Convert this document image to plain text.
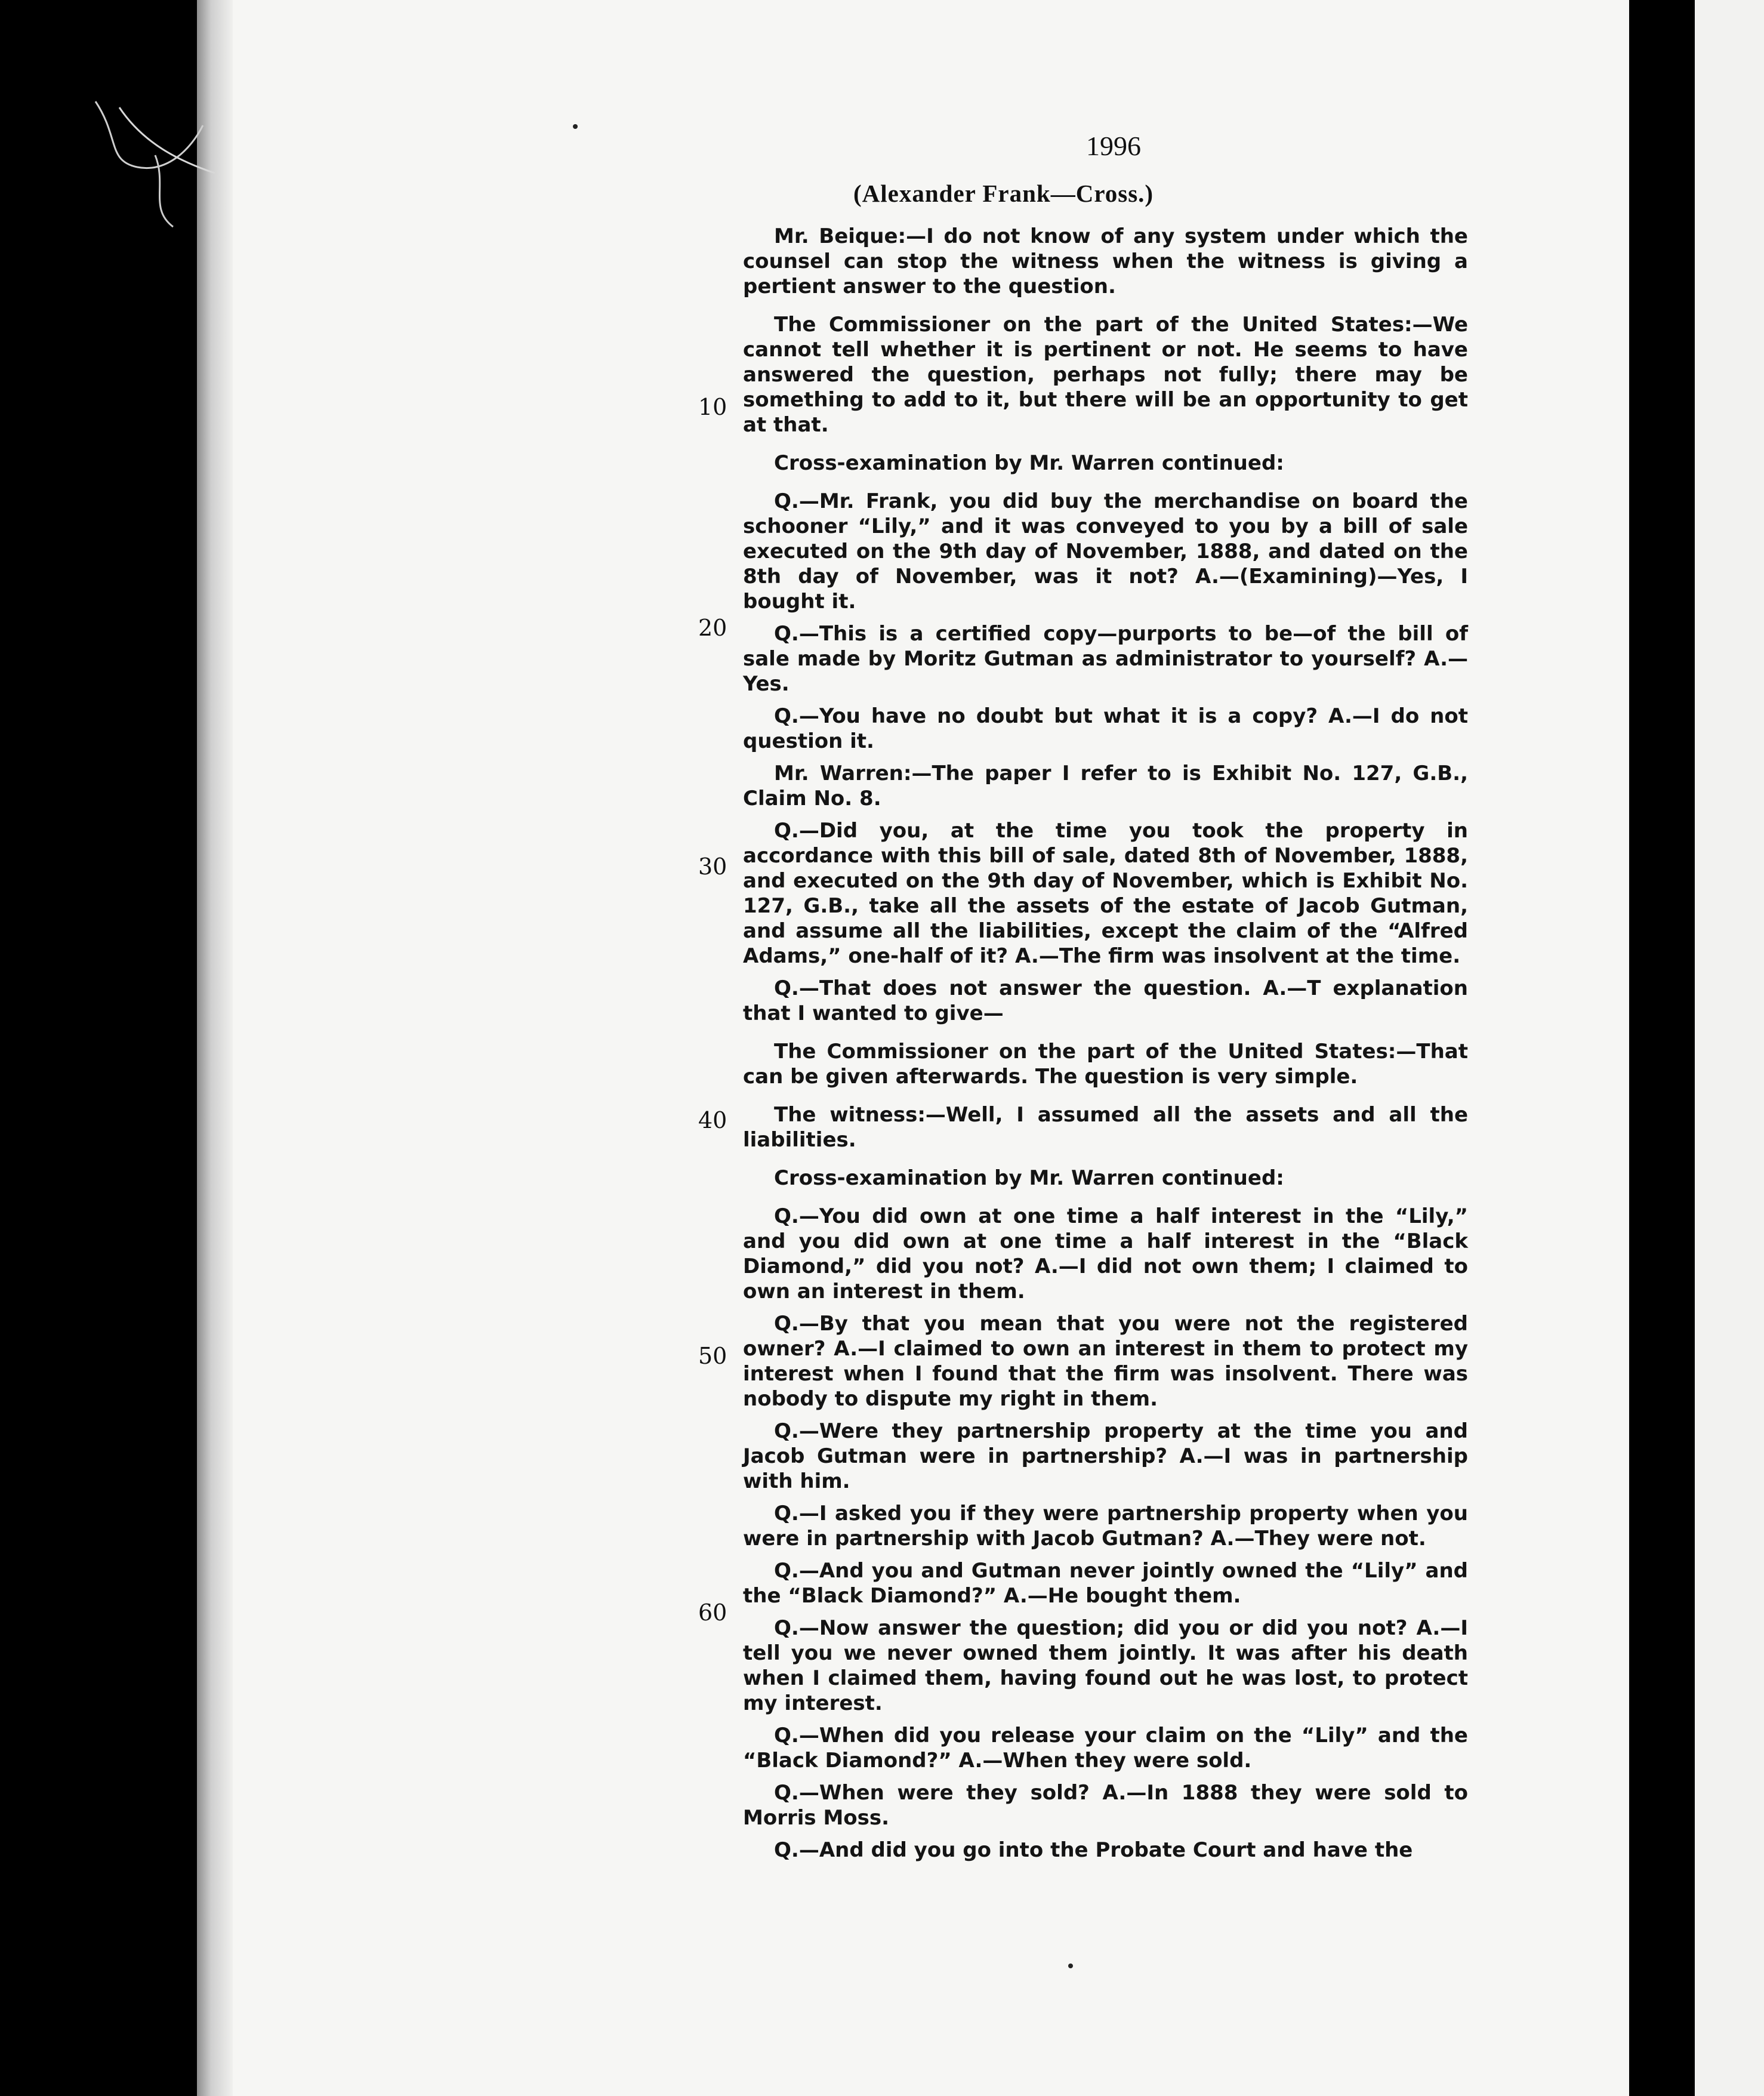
1996
(Alexander Frank—Cross.)
10
20
30
40
50
60

Mr. Beique:—I do not know of any system under which the counsel can stop the witness when the witness is giving a pertient answer to the question.

The Commissioner on the part of the United States:—We cannot tell whether it is pertinent or not. He seems to have answered the question, perhaps not fully; there may be something to add to it, but there will be an opportunity to get at that.

Cross-examination by Mr. Warren continued:

Q.—Mr. Frank, you did buy the merchandise on board the schooner “Lily,” and it was conveyed to you by a bill of sale executed on the 9th day of November, 1888, and dated on the 8th day of November, was it not? A.—(Examining)—Yes, I bought it.

Q.—This is a certified copy—purports to be—of the bill of sale made by Moritz Gutman as administrator to yourself? A.—Yes.

Q.—You have no doubt but what it is a copy? A.—I do not question it.

Mr. Warren:—The paper I refer to is Exhibit No. 127, G.B., Claim No. 8.

Q.—Did you, at the time you took the property in accordance with this bill of sale, dated 8th of November, 1888, and executed on the 9th day of November, which is Exhibit No. 127, G.B., take all the assets of the estate of Jacob Gutman, and assume all the liabilities, except the claim of the “Alfred Adams,” one-half of it? A.—The firm was insolvent at the time.

Q.—That does not answer the question. A.—T explanation that I wanted to give—

The Commissioner on the part of the United States:—That can be given afterwards. The question is very simple.

The witness:—Well, I assumed all the assets and all the liabilities.

Cross-examination by Mr. Warren continued:

Q.—You did own at one time a half interest in the “Lily,” and you did own at one time a half interest in the “Black Diamond,” did you not? A.—I did not own them; I claimed to own an interest in them.

Q.—By that you mean that you were not the registered owner? A.—I claimed to own an interest in them to protect my interest when I found that the firm was insolvent. There was nobody to dispute my right in them.

Q.—Were they partnership property at the time you and Jacob Gutman were in partnership? A.—I was in partnership with him.

Q.—I asked you if they were partnership property when you were in partnership with Jacob Gutman? A.—They were not.

Q.—And you and Gutman never jointly owned the “Lily” and the “Black Diamond?” A.—He bought them.

Q.—Now answer the question; did you or did you not? A.—I tell you we never owned them jointly. It was after his death when I claimed them, having found out he was lost, to protect my interest.

Q.—When did you release your claim on the “Lily” and the “Black Diamond?” A.—When they were sold.

Q.—When were they sold? A.—In 1888 they were sold to Morris Moss.

Q.—And did you go into the Probate Court and have the
